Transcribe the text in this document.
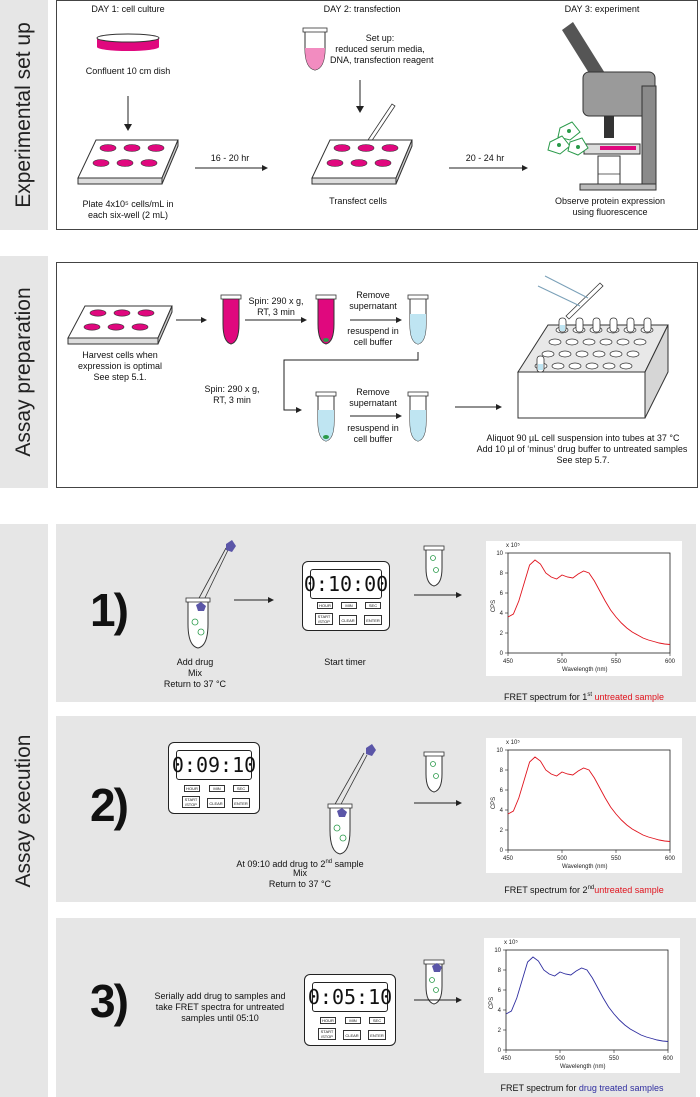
Experimental set up
Assay preparation
Assay execution
DAY 1: cell culture	DAY 2: transfection	DAY 3: experiment
Confluent 10 cm dish
Set up:
reduced serum media,
DNA, transfection reagent
16 - 20 hr	20 - 24 hr
Plate 4x10⁵ cells/mL in
each six-well (2 mL)
Transfect cells	Observe protein expression
using fluorescence
Spin: 290 x g,
RT, 3 min
Remove
supernatant
resuspend in
cell buffer
Harvest cells when
expression is optimal
See step 5.1.
Spin: 290 x g,
RT, 3 min
Remove
supernatant
resuspend in
cell buffer	Aliquot 90 µL cell suspension into tubes at 37 °C
Add 10 µl of ‘minus’ drug buffer to untreated samples
See step 5.7.
1)
Add drug
Mix
Return to 37 °C
0:10:00
HOUR	MIN	SEC
START /STOP	CLEAR	ENTER
Start timer	450	500	550	600
0
2
4
6
8
10
x 10⁵
CPS
Wavelength (nm)
FRET spectrum for 1st untreated sample
2)
0:09:10
HOUR	MIN	SEC
START /STOP	CLEAR	ENTER
At 09:10 add drug to 2nd sample
Mix
Return to 37 °C
450	500	550	600
0
2
4
6
8
10
x 10⁵
CPS
Wavelength (nm)
FRET spectrum for 2nduntreated sample
3)	Serially add drug to samples and
take FRET spectra for untreated
samples until 05:10
0:05:10
HOUR	MIN	SEC
START /STOP	CLEAR	ENTER
450	500	550	600
0
2
4
6
8
10
x 10⁵
CPS
Wavelength (nm)
FRET spectrum for drug treated samples
